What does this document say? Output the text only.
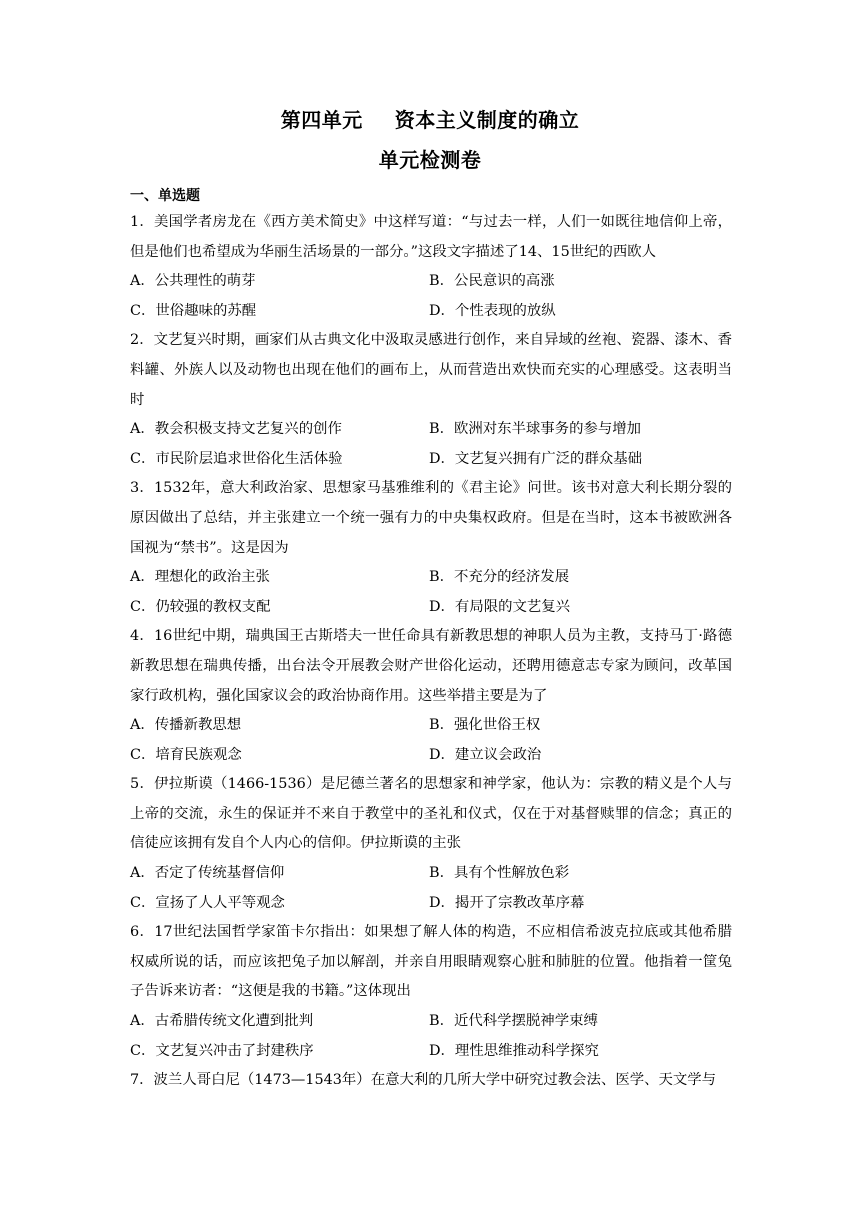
第四单元 资本主义制度的确立
单元检测卷
一、单选题

1．美国学者房龙在《西方美术简史》中这样写道：“与过去一样，人们一如既往地信仰上帝，但是他们也希望成为华丽生活场景的一部分。”这段文字描述了14、15世纪的西欧人

A．公共理性的萌芽	B．公民意识的高涨
C．世俗趣味的苏醒	D．个性表现的放纵

2．文艺复兴时期，画家们从古典文化中汲取灵感进行创作，来自异域的丝袍、瓷器、漆木、香料罐、外族人以及动物也出现在他们的画布上，从而营造出欢快而充实的心理感受。这表明当时

A．教会积极支持文艺复兴的创作	B．欧洲对东半球事务的参与增加
C．市民阶层追求世俗化生活体验	D．文艺复兴拥有广泛的群众基础

3．1532年，意大利政治家、思想家马基雅维利的《君主论》问世。该书对意大利长期分裂的原因做出了总结，并主张建立一个统一强有力的中央集权政府。但是在当时，这本书被欧洲各国视为“禁书”。这是因为

A．理想化的政治主张	B．不充分的经济发展
C．仍较强的教权支配	D．有局限的文艺复兴

4．16世纪中期，瑞典国王古斯塔夫一世任命具有新教思想的神职人员为主教，支持马丁·路德新教思想在瑞典传播，出台法令开展教会财产世俗化运动，还聘用德意志专家为顾问，改革国家行政机构，强化国家议会的政治协商作用。这些举措主要是为了

A．传播新教思想	B．强化世俗王权
C．培育民族观念	D．建立议会政治

5．伊拉斯谟（1466-1536）是尼德兰著名的思想家和神学家，他认为：宗教的精义是个人与上帝的交流，永生的保证并不来自于教堂中的圣礼和仪式，仅在于对基督赎罪的信念；真正的信徒应该拥有发自个人内心的信仰。伊拉斯谟的主张

A．否定了传统基督信仰	B．具有个性解放色彩
C．宣扬了人人平等观念	D．揭开了宗教改革序幕

6．17世纪法国哲学家笛卡尔指出：如果想了解人体的构造，不应相信希波克拉底或其他希腊权威所说的话，而应该把兔子加以解剖，并亲自用眼睛观察心脏和肺脏的位置。他指着一筐兔子告诉来访者：“这便是我的书籍。”这体现出

A．古希腊传统文化遭到批判	B．近代科学摆脱神学束缚
C．文艺复兴冲击了封建秩序	D．理性思维推动科学探究

7．波兰人哥白尼（1473—1543年）在意大利的几所大学中研究过教会法、医学、天文学与
